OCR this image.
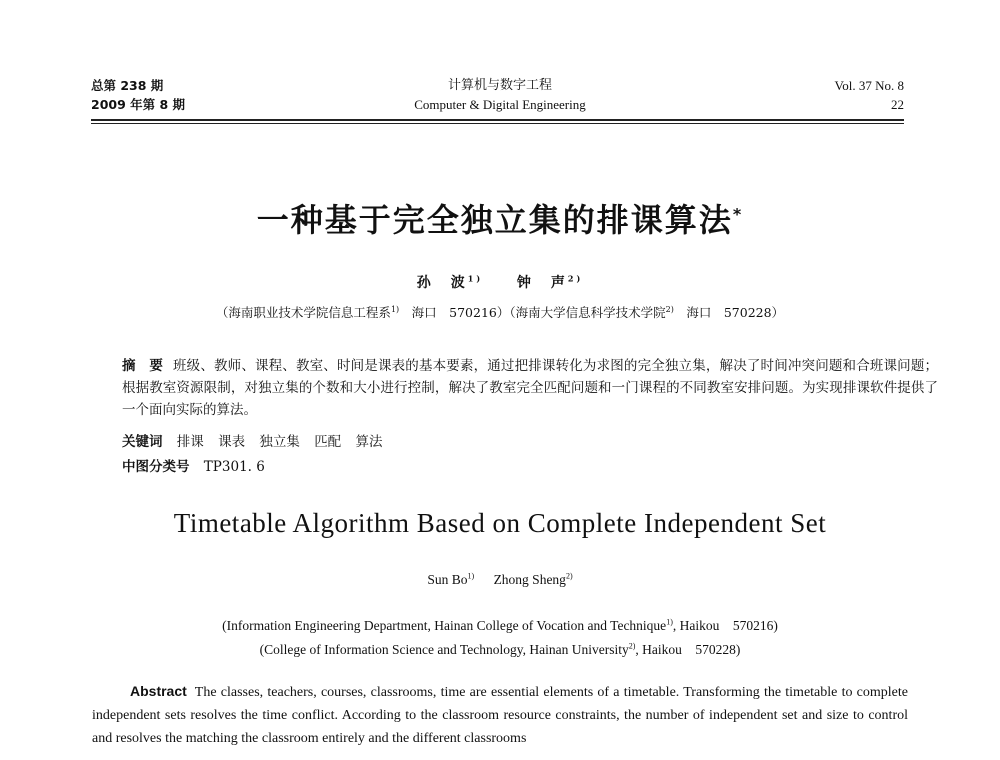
总第 238 期
2009 年第 8 期
计算机与数字工程
Computer & Digital Engineering
Vol. 37 No. 8
22
一种基于完全独立集的排课算法*
孙　波$^{1)}$ 钟　声$^{2)}$
（海南职业技术学院信息工程系$^{1)}$　海口　570216）（海南大学信息科学技术学院$^{2)}$　海口　570228）
摘　要 班级、教师、课程、教室、时间是课表的基本要素，通过把排课转化为求图的完全独立集，解决了时间冲突问题和合班课问题；根据教室资源限制，对独立集的个数和大小进行控制，解决了教室完全匹配问题和一门课程的不同教室安排问题。为实现排课软件提供了一个面向实际的算法。
关键词 排课 课表 独立集 匹配 算法
中图分类号 TP301. 6
Timetable Algorithm Based on Complete Independent Set
Sun Bo$^{1)}$ Zhong Sheng$^{2)}$
(Information Engineering Department, Hainan College of Vocation and Technique$^{1)}$, Haikou　570216)
(College of Information Science and Technology, Hainan University$^{2)}$, Haikou　570228)
Abstract The classes, teachers, courses, classrooms, time are essential elements of a timetable. Transforming the timetable to complete independent sets resolves the time conflict. According to the classroom resource constraints, the number of independent set and size to control and resolves the matching the classroom entirely and the different classrooms
